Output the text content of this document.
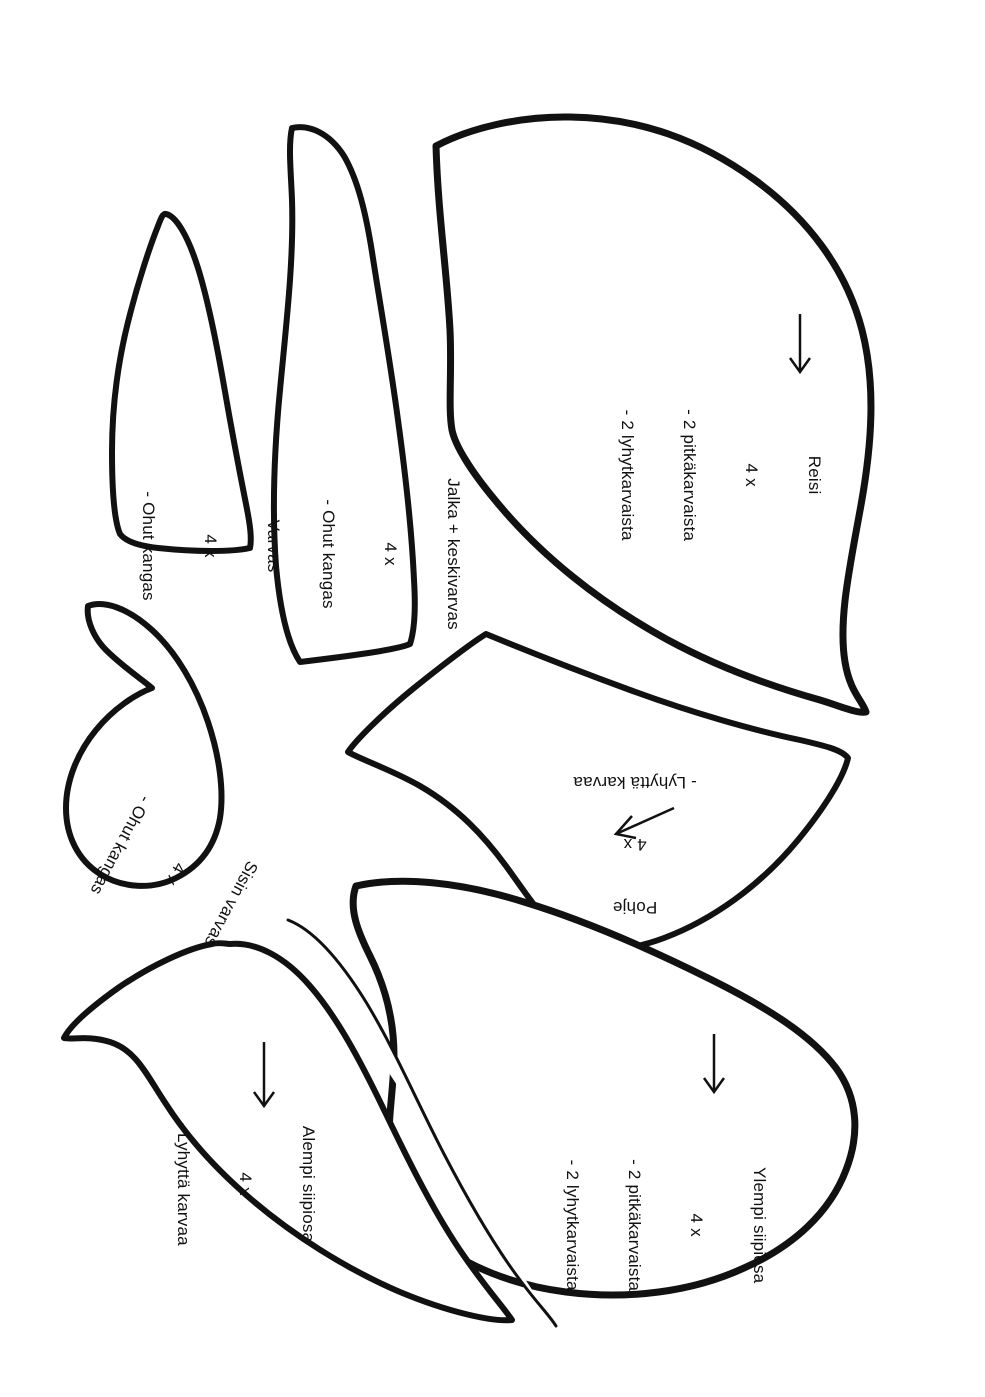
Reisi

4 x

- 2 pitkäkarvaista

- 2 lyhytkarvaista

Jalka + keskivarvas

4 x

- Ohut kangas

Varvas

4 x

- Ohut kangas

Sisin varvas

4 x

- Ohut kangas

Pohje

4 x

- Lyhyttä karvaa

Ylempi siipiosa

4 x

- 2 pitkäkarvaista

- 2 lyhytkarvaista

Alempi siipiosa

4 x

- Lyhyttä karvaa
